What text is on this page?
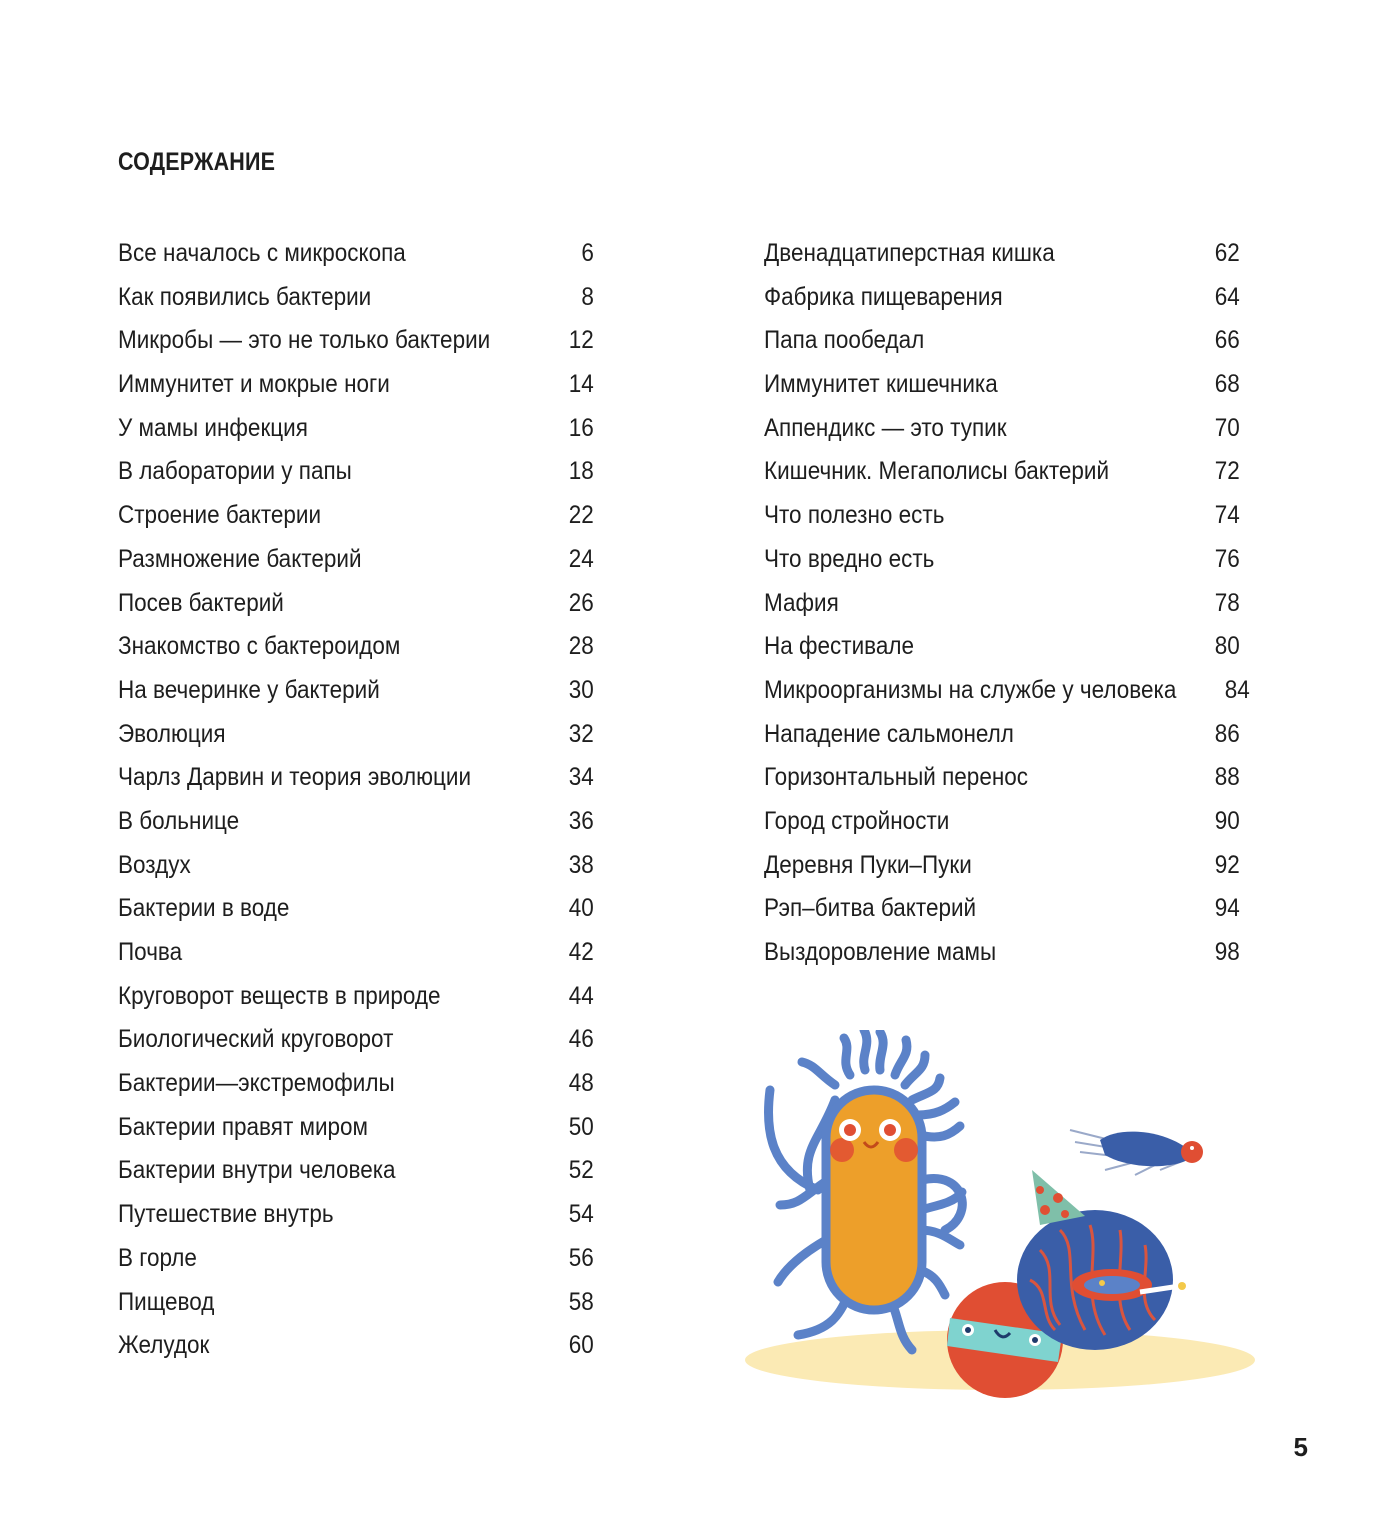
СОДЕРЖАНИЕ
Все началось с микроскопа	6
Как появились бактерии	8
Микробы — это не только бактерии	12
Иммунитет и мокрые ноги	14
У мамы инфекция	16
В лаборатории у папы	18
Строение бактерии	22
Размножение бактерий	24
Посев бактерий	26
Знакомство с бактероидом	28
На вечеринке у бактерий	30
Эволюция	32
Чарлз Дарвин и теория эволюции	34
В больнице	36
Воздух	38
Бактерии в воде	40
Почва	42
Круговорот веществ в природе	44
Биологический круговорот	46
Бактерии—экстремофилы	48
Бактерии правят миром	50
Бактерии внутри человека	52
Путешествие внутрь	54
В горле	56
Пищевод	58
Желудок	60
Двенадцатиперстная кишка	62
Фабрика пищеварения	64
Папа пообедал	66
Иммунитет кишечника	68
Аппендикс — это тупик	70
Кишечник. Мегаполисы бактерий	72
Что полезно есть	74
Что вредно есть	76
Мафия	78
На фестивале	80
Микроорганизмы на службе у человека 84
Нападение сальмонелл	86
Горизонтальный перенос	88
Город стройности	90
Деревня Пуки–Пуки	92
Рэп–битва бактерий	94
Выздоровление мамы	98
5
